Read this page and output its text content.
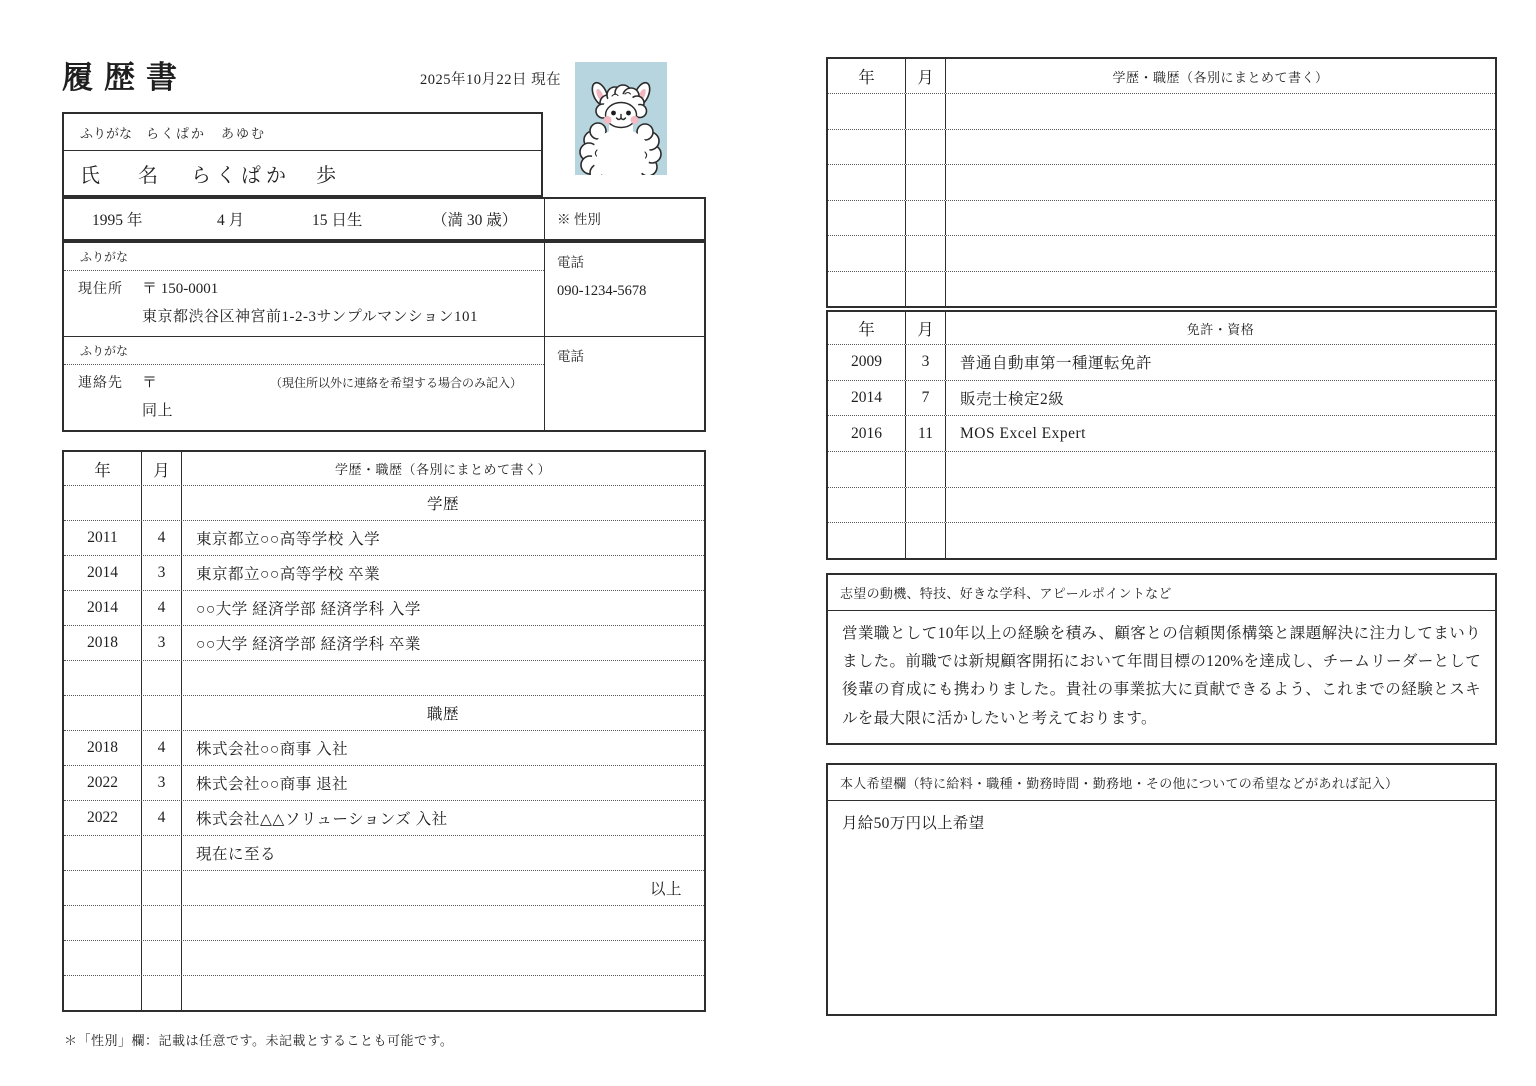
履歴書	2025年10月22日 現在
ふりがな らくぱか　あゆむ
氏　名 らくぱか　歩
1995 年	4 月	15 日生	（満 30 歳）	※ 性別
ふりがな
現住所	〒 150-0001
東京都渋谷区神宮前1-2-3サンプルマンション101
電話
090-1234-5678
ふりがな
連絡先	〒	（現住所以外に連絡を希望する場合のみ記入）
同上
電話
年	月	学歴・職歴（各別にまとめて書く）
学歴
2011	4	東京都立○○高等学校 入学
2014	3	東京都立○○高等学校 卒業
2014	4	○○大学 経済学部 経済学科 入学
2018	3	○○大学 経済学部 経済学科 卒業
職歴
2018	4	株式会社○○商事 入社
2022	3	株式会社○○商事 退社
2022	4	株式会社△△ソリューションズ 入社
現在に至る
以上
＊「性別」欄：記載は任意です。未記載とすることも可能です。
年	月	学歴・職歴（各別にまとめて書く）
年	月	免許・資格
2009	3	普通自動車第一種運転免許
2014	7	販売士検定2級
2016	11	MOS Excel Expert
志望の動機、特技、好きな学科、アピールポイントなど
営業職として10年以上の経験を積み、顧客との信頼関係構築と課題解決に注力してまいりました。前職では新規顧客開拓において年間目標の120%を達成し、チームリーダーとして後輩の育成にも携わりました。貴社の事業拡大に貢献できるよう、これまでの経験とスキルを最大限に活かしたいと考えております。
本人希望欄（特に給料・職種・勤務時間・勤務地・その他についての希望などがあれば記入）
月給50万円以上希望
